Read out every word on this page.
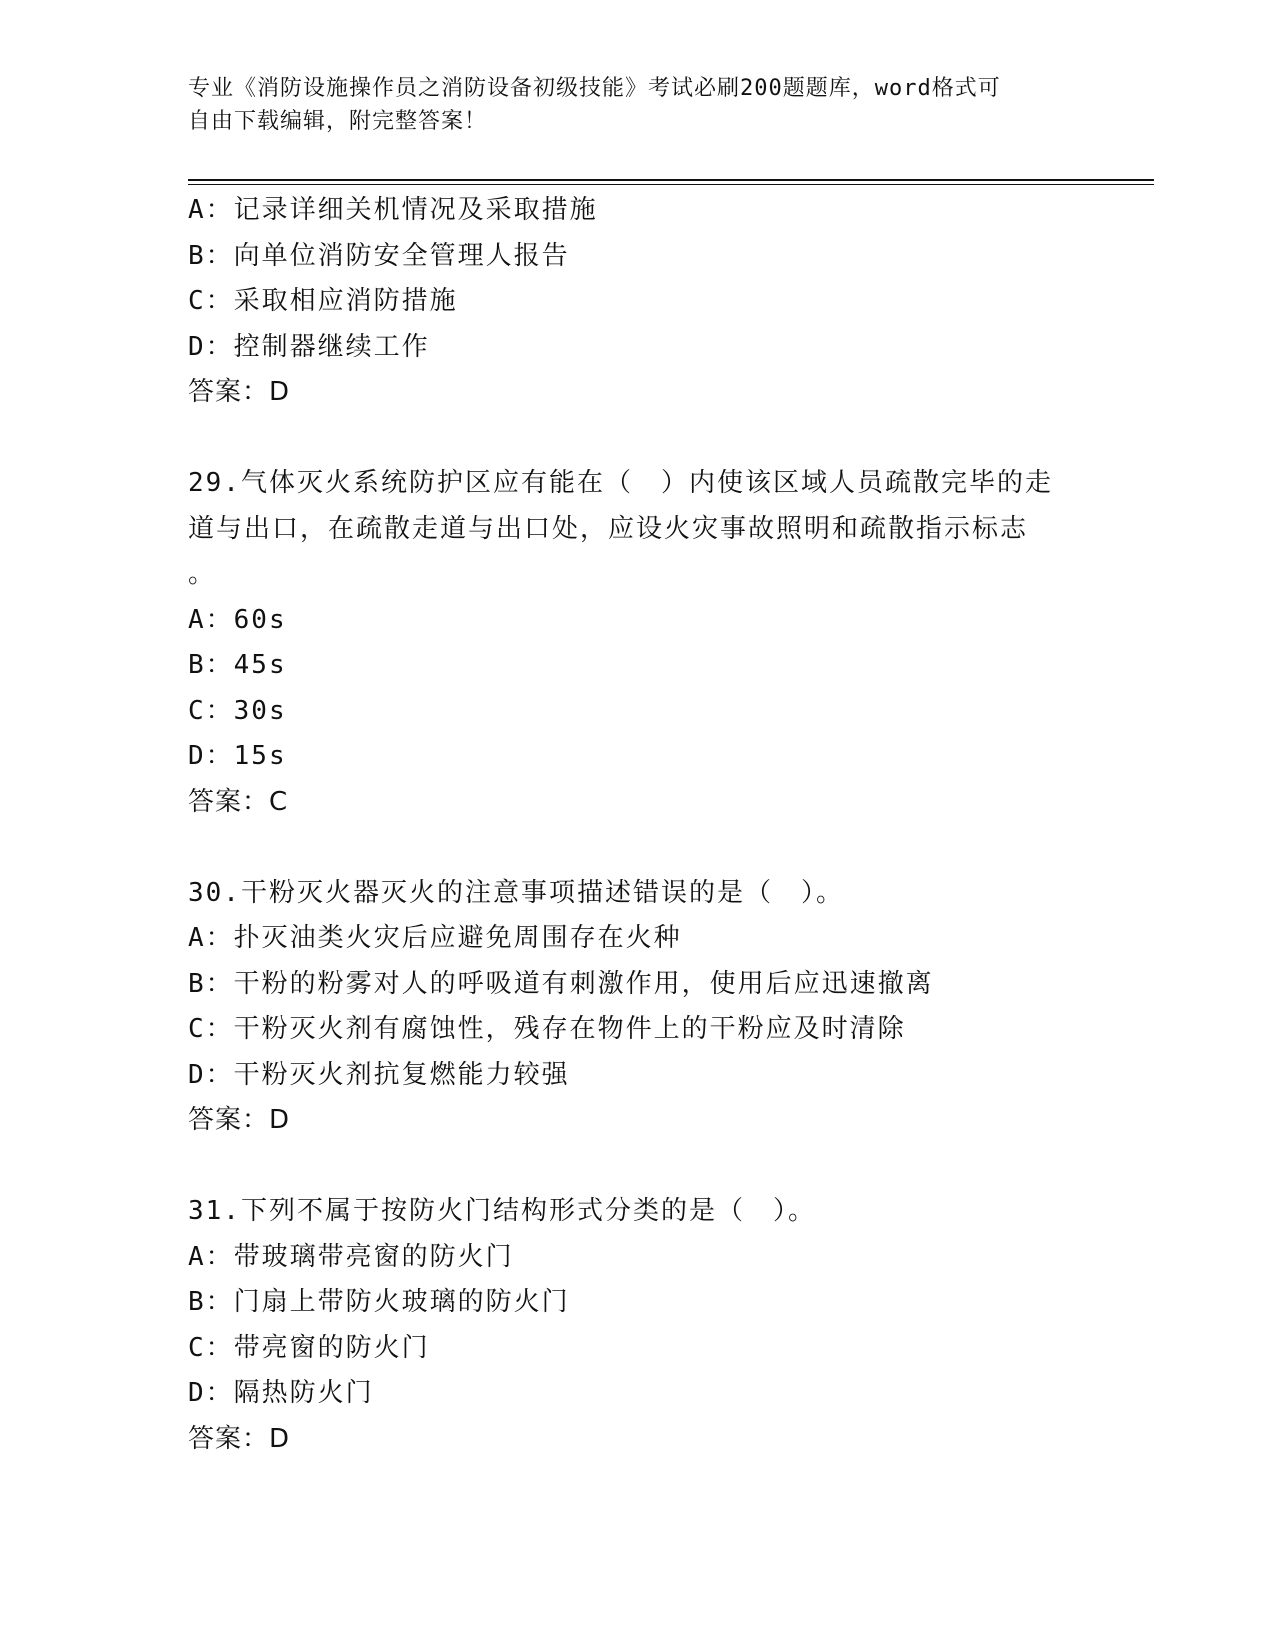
专业《消防设施操作员之消防设备初级技能》考试必刷200题题库，word格式可
自由下载编辑，附完整答案！
A：记录详细关机情况及采取措施
B：向单位消防安全管理人报告
C：采取相应消防措施
D：控制器继续工作
答案：D
29.气体灭火系统防护区应有能在（　）内使该区域人员疏散完毕的走
道与出口，在疏散走道与出口处，应设火灾事故照明和疏散指示标志
。
A：60s
B：45s
C：30s
D：15s
答案：C
30.干粉灭火器灭火的注意事项描述错误的是（　）。
A：扑灭油类火灾后应避免周围存在火种
B：干粉的粉雾对人的呼吸道有刺激作用，使用后应迅速撤离
C：干粉灭火剂有腐蚀性，残存在物件上的干粉应及时清除
D：干粉灭火剂抗复燃能力较强
答案：D
31.下列不属于按防火门结构形式分类的是（　）。
A：带玻璃带亮窗的防火门
B：门扇上带防火玻璃的防火门
C：带亮窗的防火门
D：隔热防火门
答案：D
